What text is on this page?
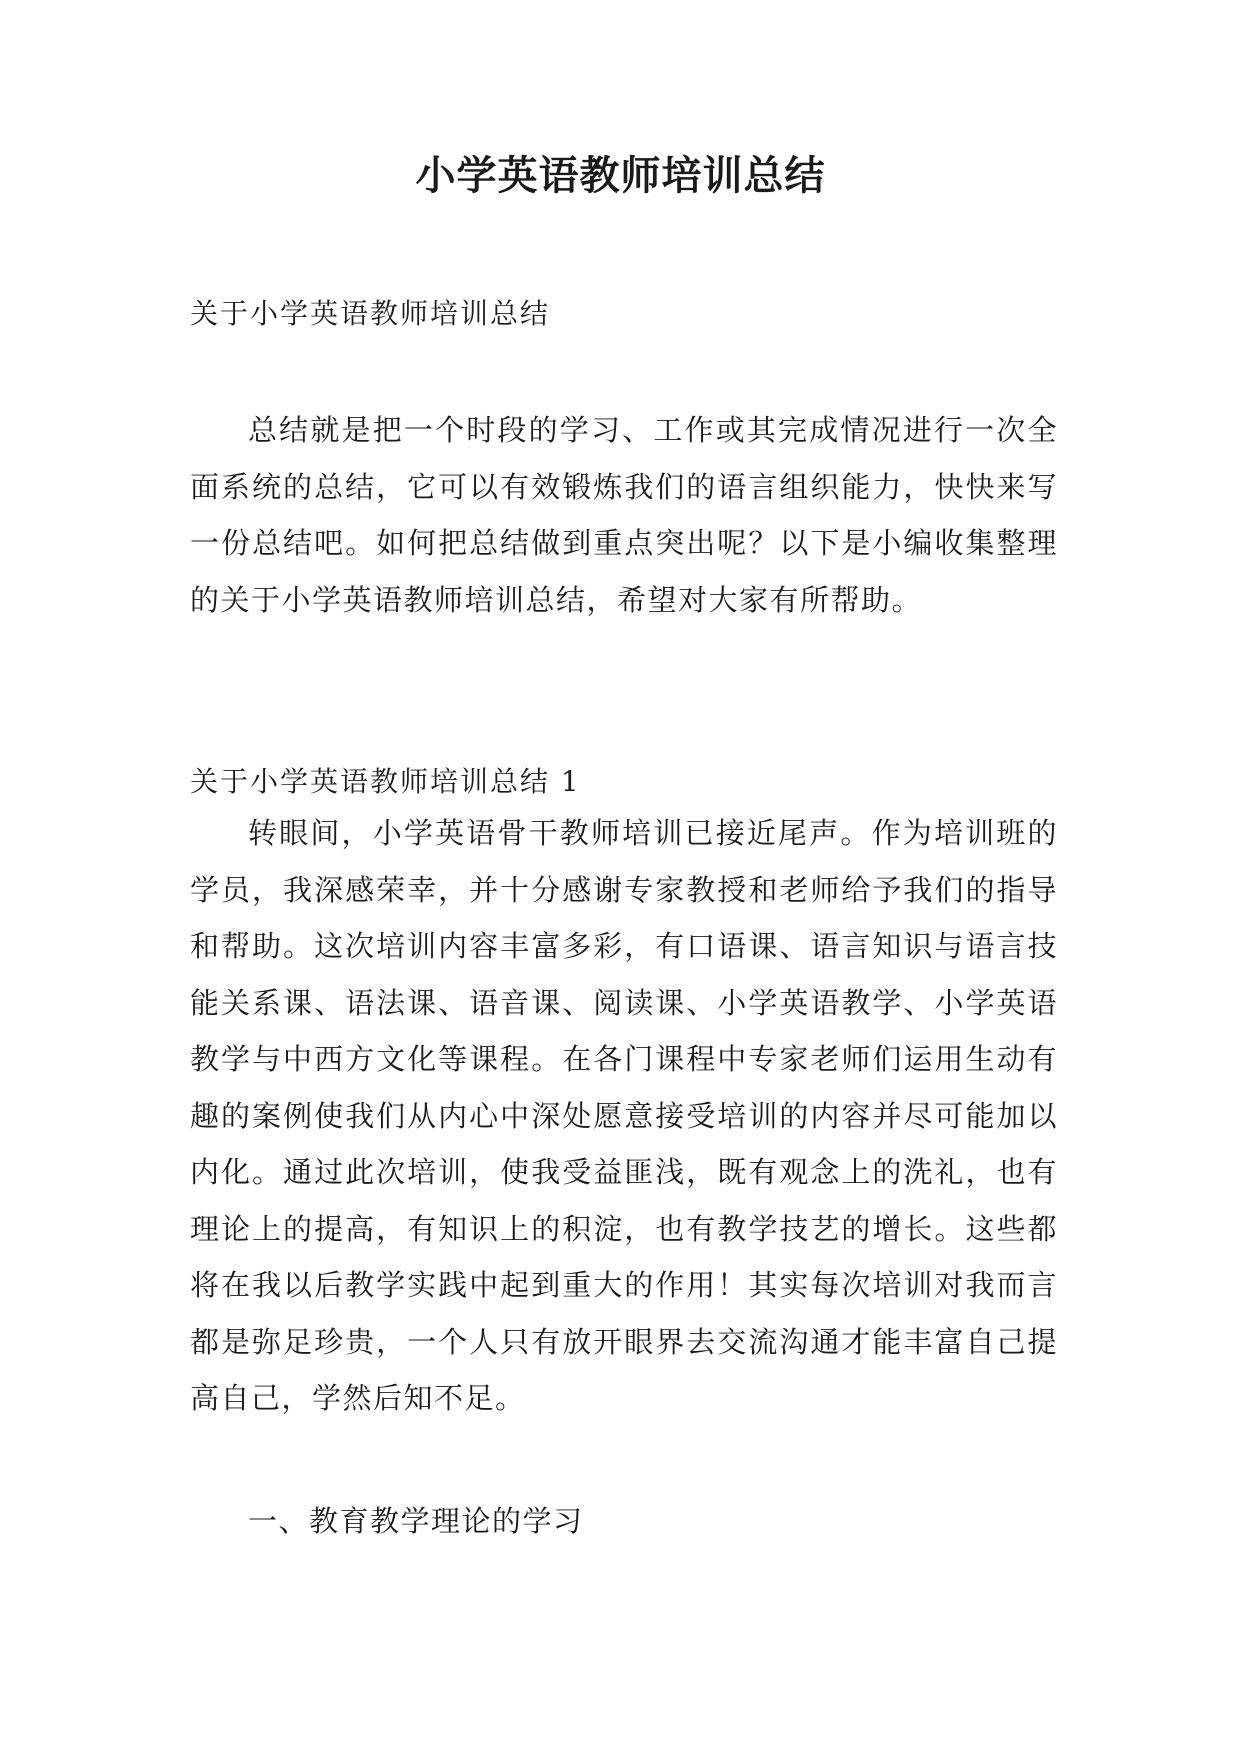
小学英语教师培训总结

关于小学英语教师培训总结

总结就是把一个时段的学习、工作或其完成情况进行一次全面系统的总结，它可以有效锻炼我们的语言组织能力，快快来写一份总结吧。如何把总结做到重点突出呢？以下是小编收集整理的关于小学英语教师培训总结，希望对大家有所帮助。

关于小学英语教师培训总结 1

转眼间，小学英语骨干教师培训已接近尾声。作为培训班的学员，我深感荣幸，并十分感谢专家教授和老师给予我们的指导和帮助。这次培训内容丰富多彩，有口语课、语言知识与语言技能关系课、语法课、语音课、阅读课、小学英语教学、小学英语教学与中西方文化等课程。在各门课程中专家老师们运用生动有趣的案例使我们从内心中深处愿意接受培训的内容并尽可能加以内化。通过此次培训，使我受益匪浅，既有观念上的洗礼，也有理论上的提高，有知识上的积淀，也有教学技艺的增长。这些都将在我以后教学实践中起到重大的作用！其实每次培训对我而言都是弥足珍贵，一个人只有放开眼界去交流沟通才能丰富自己提高自己，学然后知不足。

一、教育教学理论的学习
